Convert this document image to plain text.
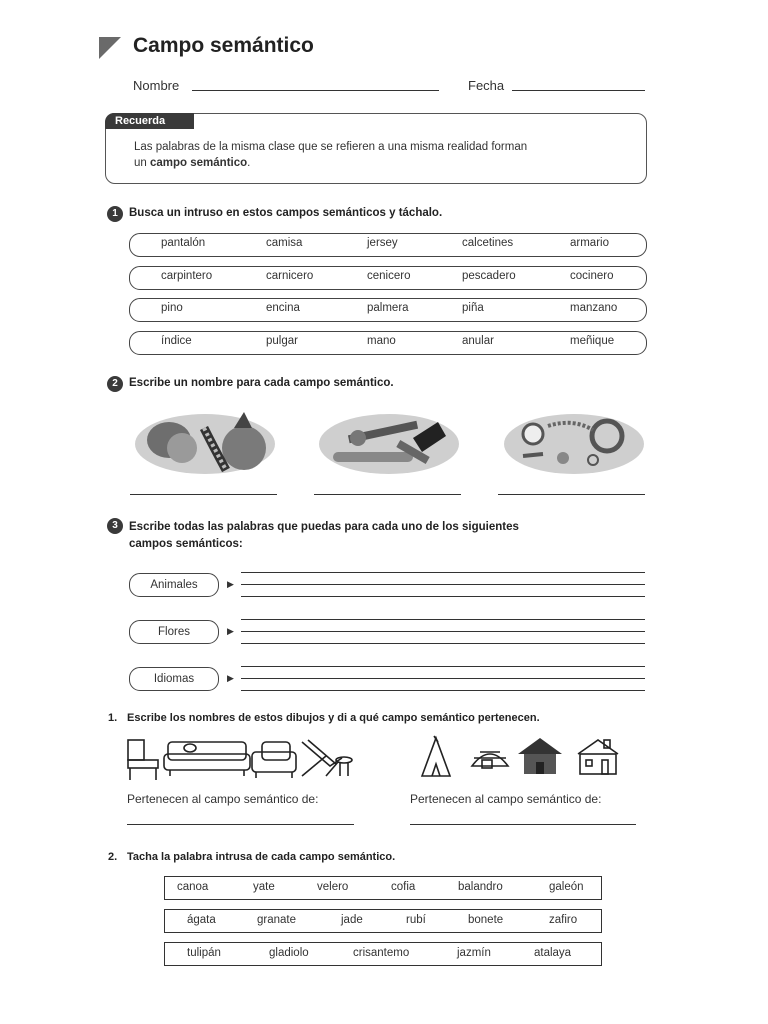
Campo semántico
Nombre	Fecha
Recuerda
Las palabras de la misma clase que se refieren a una misma realidad forman
un campo semántico.
1 Busca un intruso en estos campos semánticos y táchalo.
pantalón	camisa	jersey	calcetines	armario
carpintero	carnicero	cenicero	pescadero	cocinero
pino	encina	palmera	piña	manzano
índice	pulgar	mano	anular	meñique
2 Escribe un nombre para cada campo semántico.
3 Escribe todas las palabras que puedas para cada uno de los siguientes
campos semánticos:
Animales	▶
Flores	▶
Idiomas	▶
1. Escribe los nombres de estos dibujos y di a qué campo semántico pertenecen.
Pertenecen al campo semántico de:	Pertenecen al campo semántico de:
2. Tacha la palabra intrusa de cada campo semántico.
canoa	yate	velero	cofia	balandro	galeón
ágata	granate	jade	rubí	bonete	zafiro
tulipán	gladiolo	crisantemo	jazmín	atalaya
